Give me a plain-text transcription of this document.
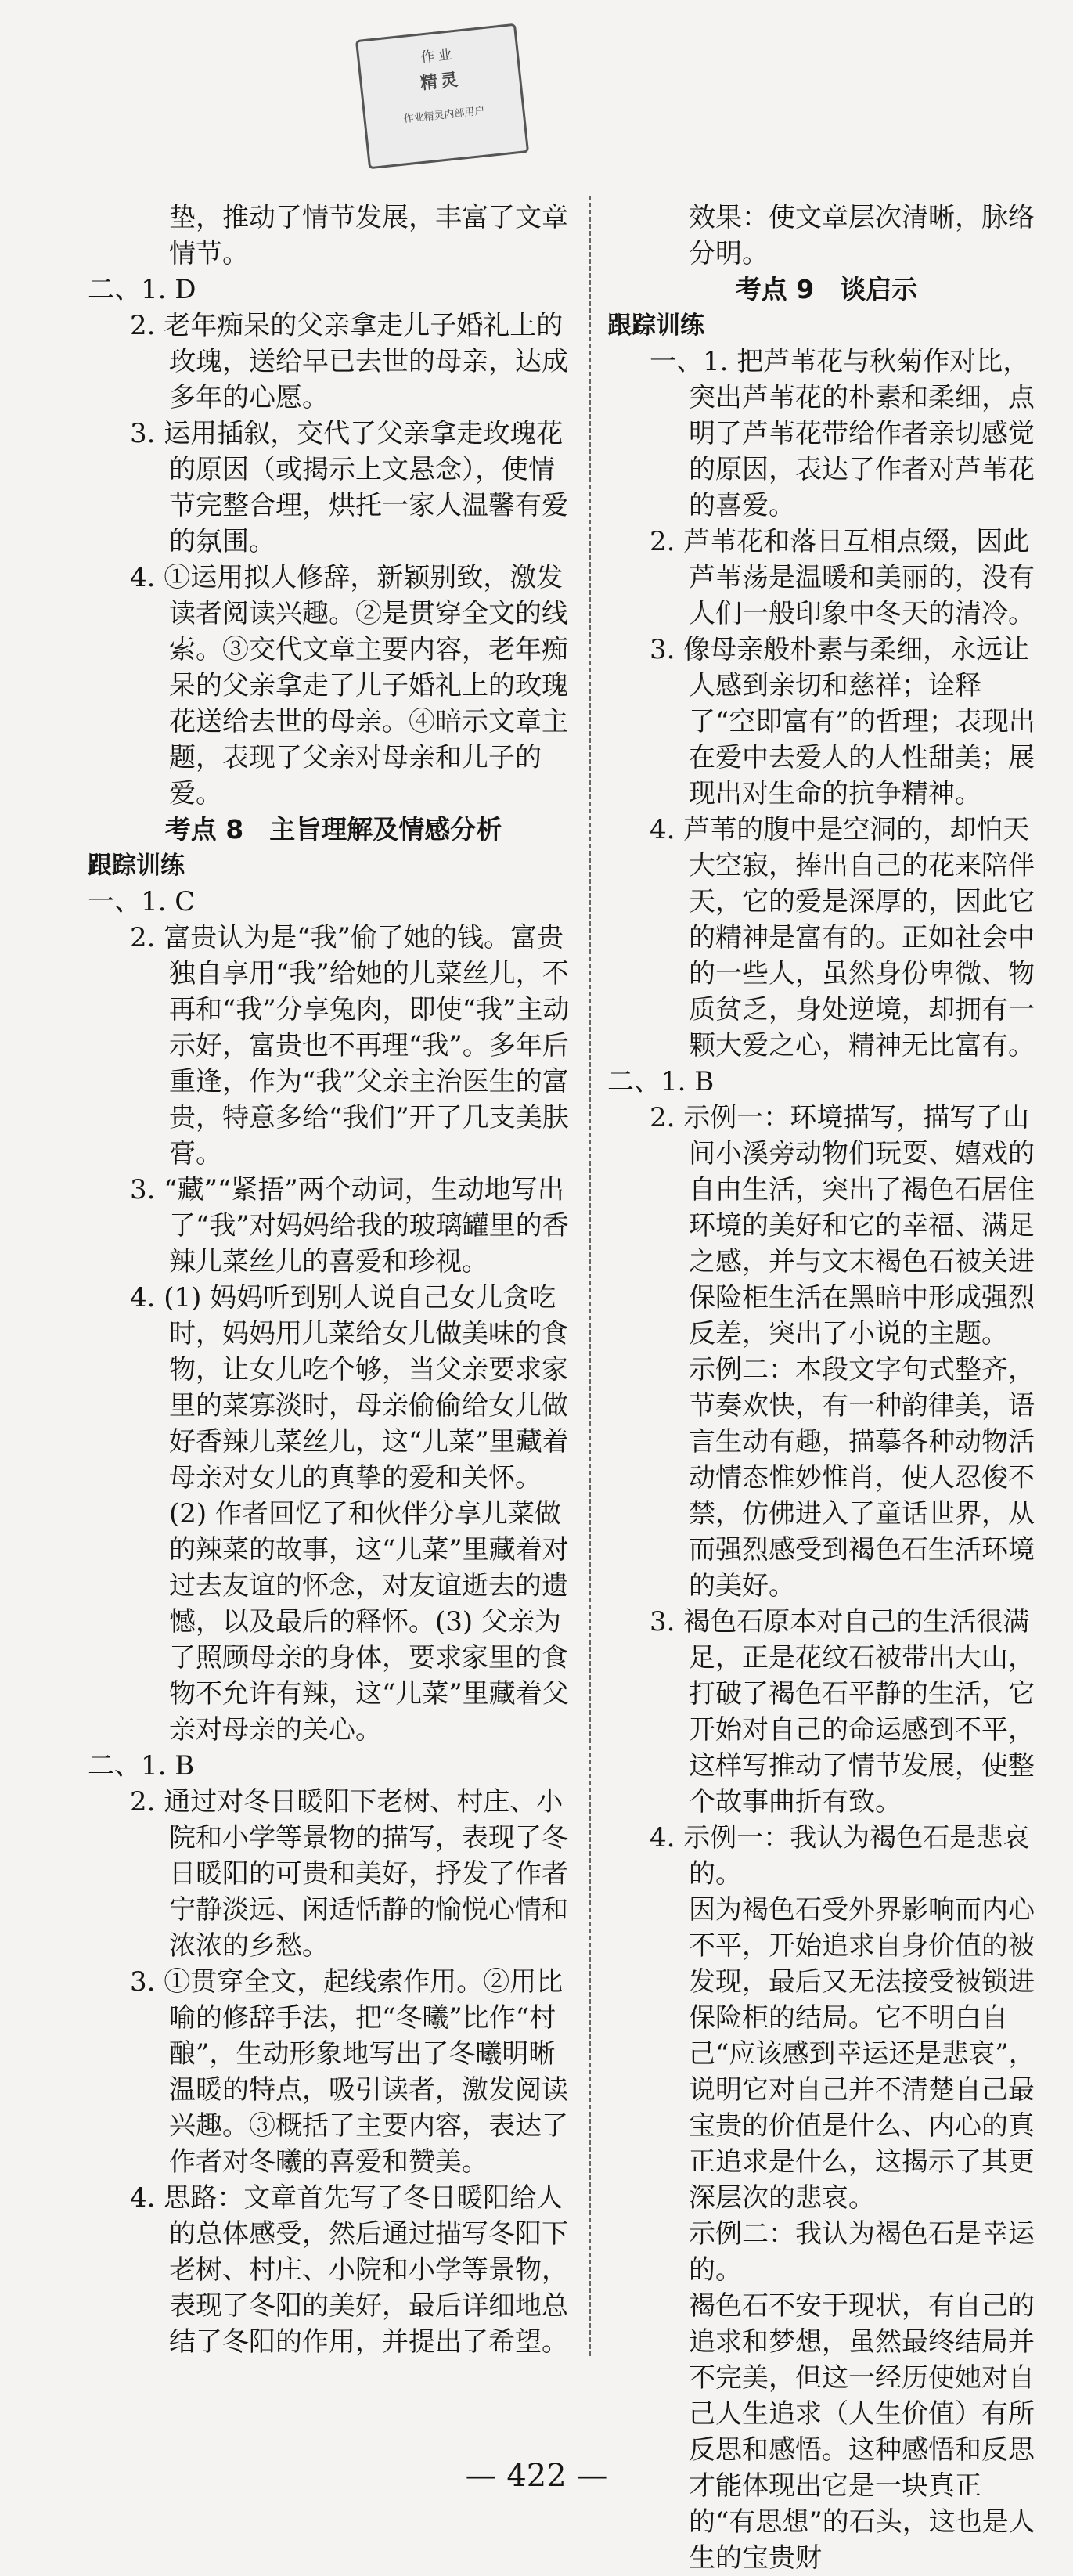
作业
精灵
作业精灵内部用户

垫，推动了情节发展，丰富了文章情节。

二、1. D

2. 老年痴呆的父亲拿走儿子婚礼上的玫瑰，送给早已去世的母亲，达成多年的心愿。

3. 运用插叙，交代了父亲拿走玫瑰花的原因（或揭示上文悬念），使情节完整合理，烘托一家人温馨有爱的氛围。

4. ①运用拟人修辞，新颖别致，激发读者阅读兴趣。②是贯穿全文的线索。③交代文章主要内容，老年痴呆的父亲拿走了儿子婚礼上的玫瑰花送给去世的母亲。④暗示文章主题，表现了父亲对母亲和儿子的爱。

考点 8　主旨理解及情感分析

跟踪训练

一、1. C

2. 富贵认为是“我”偷了她的钱。富贵独自享用“我”给她的儿菜丝儿，不再和“我”分享兔肉，即使“我”主动示好，富贵也不再理“我”。多年后重逢，作为“我”父亲主治医生的富贵，特意多给“我们”开了几支美肤膏。

3. “藏”“紧捂”两个动词，生动地写出了“我”对妈妈给我的玻璃罐里的香辣儿菜丝儿的喜爱和珍视。

4. (1) 妈妈听到别人说自己女儿贪吃时，妈妈用儿菜给女儿做美味的食物，让女儿吃个够，当父亲要求家里的菜寡淡时，母亲偷偷给女儿做好香辣儿菜丝儿，这“儿菜”里藏着母亲对女儿的真挚的爱和关怀。(2) 作者回忆了和伙伴分享儿菜做的辣菜的故事，这“儿菜”里藏着对过去友谊的怀念，对友谊逝去的遗憾，以及最后的释怀。(3) 父亲为了照顾母亲的身体，要求家里的食物不允许有辣，这“儿菜”里藏着父亲对母亲的关心。

二、1. B

2. 通过对冬日暖阳下老树、村庄、小院和小学等景物的描写，表现了冬日暖阳的可贵和美好，抒发了作者宁静淡远、闲适恬静的愉悦心情和浓浓的乡愁。

3. ①贯穿全文，起线索作用。②用比喻的修辞手法，把“冬曦”比作“村酿”，生动形象地写出了冬曦明晰温暖的特点，吸引读者，激发阅读兴趣。③概括了主要内容，表达了作者对冬曦的喜爱和赞美。

4. 思路：文章首先写了冬日暖阳给人的总体感受，然后通过描写冬阳下老树、村庄、小院和小学等景物，表现了冬阳的美好，最后详细地总结了冬阳的作用，并提出了希望。

效果：使文章层次清晰，脉络分明。

考点 9　谈启示

跟踪训练

一、1. 把芦苇花与秋菊作对比，突出芦苇花的朴素和柔细，点明了芦苇花带给作者亲切感觉的原因，表达了作者对芦苇花的喜爱。

2. 芦苇花和落日互相点缀，因此芦苇荡是温暖和美丽的，没有人们一般印象中冬天的清冷。

3. 像母亲般朴素与柔细，永远让人感到亲切和慈祥；诠释了“空即富有”的哲理；表现出在爱中去爱人的人性甜美；展现出对生命的抗争精神。

4. 芦苇的腹中是空洞的，却怕天大空寂，捧出自己的花来陪伴天，它的爱是深厚的，因此它的精神是富有的。正如社会中的一些人，虽然身份卑微、物质贫乏，身处逆境，却拥有一颗大爱之心，精神无比富有。

二、1. B

2. 示例一：环境描写，描写了山间小溪旁动物们玩耍、嬉戏的自由生活，突出了褐色石居住环境的美好和它的幸福、满足之感，并与文末褐色石被关进保险柜生活在黑暗中形成强烈反差，突出了小说的主题。

示例二：本段文字句式整齐，节奏欢快，有一种韵律美，语言生动有趣，描摹各种动物活动情态惟妙惟肖，使人忍俊不禁，仿佛进入了童话世界，从而强烈感受到褐色石生活环境的美好。

3. 褐色石原本对自己的生活很满足，正是花纹石被带出大山，打破了褐色石平静的生活，它开始对自己的命运感到不平，这样写推动了情节发展，使整个故事曲折有致。

4. 示例一：我认为褐色石是悲哀的。

因为褐色石受外界影响而内心不平，开始追求自身价值的被发现，最后又无法接受被锁进保险柜的结局。它不明白自己“应该感到幸运还是悲哀”，说明它对自己并不清楚自己最宝贵的价值是什么、内心的真正追求是什么，这揭示了其更深层次的悲哀。

示例二：我认为褐色石是幸运的。

褐色石不安于现状，有自己的追求和梦想，虽然最终结局并不完美，但这一经历使她对自己人生追求（人生价值）有所反思和感悟。这种感悟和反思才能体现出它是一块真正的“有思想”的石头，这也是人生的宝贵财

— 422 —
